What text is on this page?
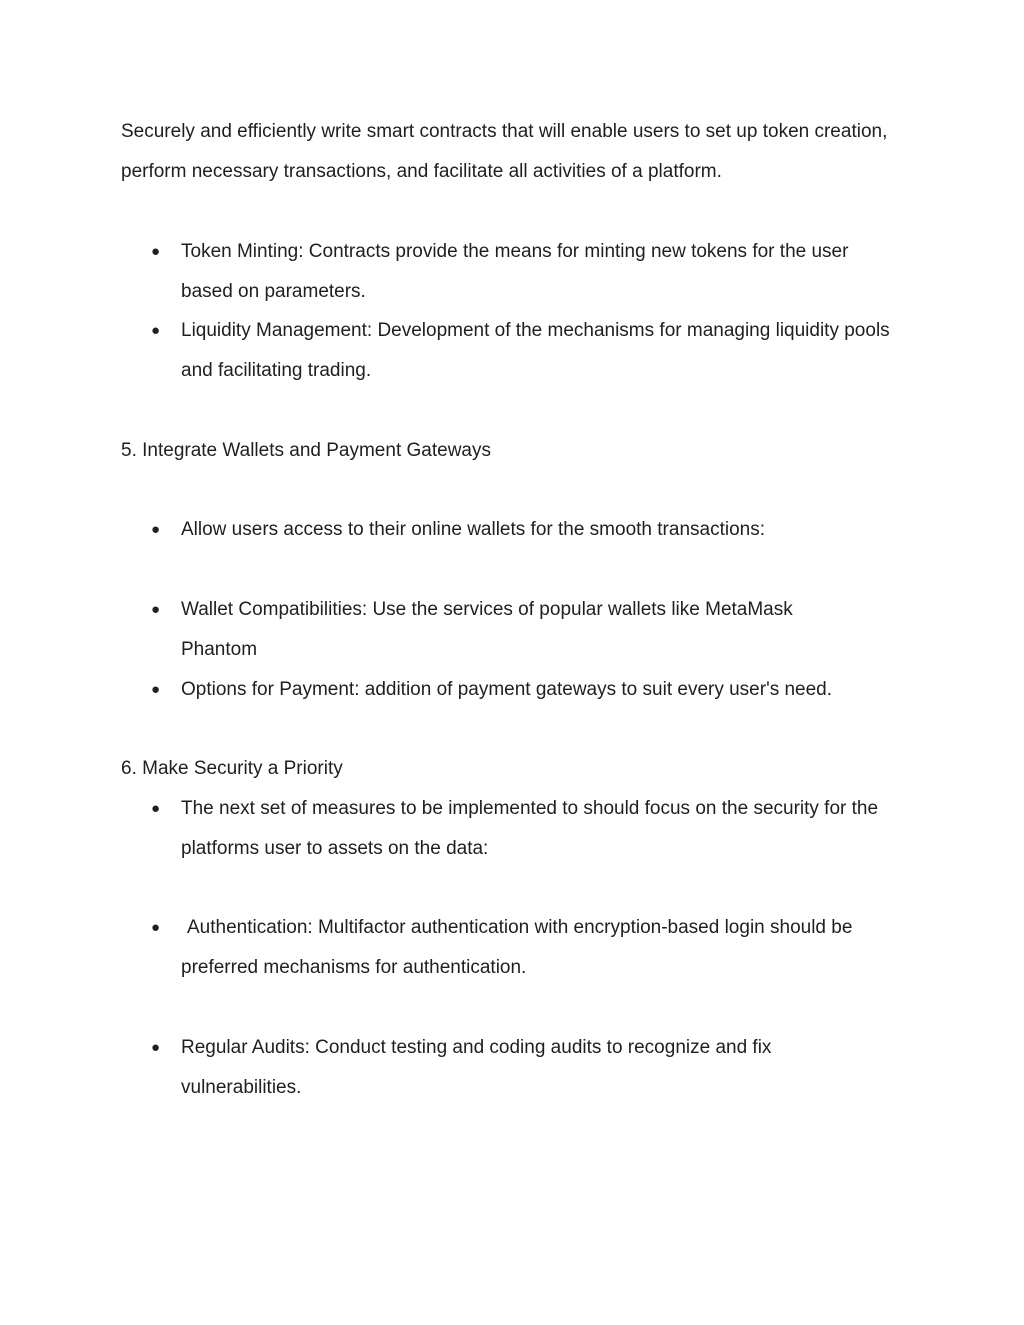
Securely and efficiently write smart contracts that will enable users to set up token creation, perform necessary transactions, and facilitate all activities of a platform.

● Token Minting: Contracts provide the means for minting new tokens for the user based on parameters.
● Liquidity Management: Development of the mechanisms for managing liquidity pools and facilitating trading.

5. Integrate Wallets and Payment Gateways

● Allow users access to their online wallets for the smooth transactions:
● Wallet Compatibilities: Use the services of popular wallets like MetaMask Phantom
● Options for Payment: addition of payment gateways to suit every user's need.

6. Make Security a Priority

● The next set of measures to be implemented to should focus on the security for the platforms user to assets on the data:
●	Authentication: Multifactor authentication with encryption-based login should be preferred mechanisms for authentication.
● Regular Audits: Conduct testing and coding audits to recognize and fix vulnerabilities.
